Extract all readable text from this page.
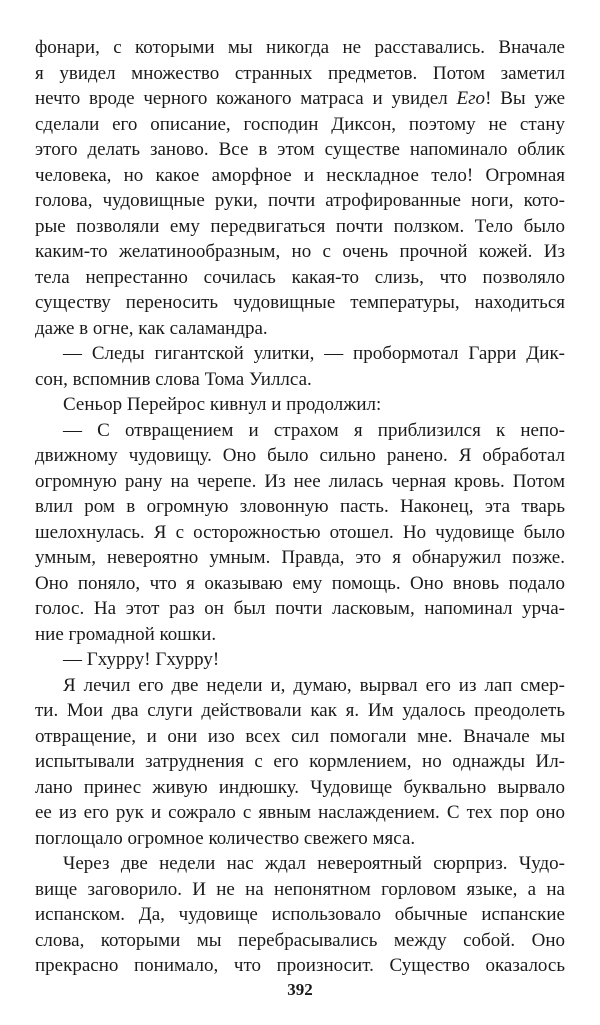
фонари, с которыми мы никогда не расставались. Вначале
я увидел множество странных предметов. Потом заметил
нечто вроде черного кожаного матраса и увидел Его! Вы уже
сделали его описание, господин Диксон, поэтому не стану
этого делать заново. Все в этом существе напоминало облик
человека, но какое аморфное и нескладное тело! Огромная
голова, чудовищные руки, почти атрофированные ноги, кото-
рые позволяли ему передвигаться почти ползком. Тело было
каким-то желатинообразным, но с очень прочной кожей. Из
тела непрестанно сочилась какая-то слизь, что позволяло
существу переносить чудовищные температуры, находиться
даже в огне, как саламандра.
— Следы гигантской улитки, — пробормотал Гарри Дик-
сон, вспомнив слова Тома Уиллса.
Сеньор Перейрос кивнул и продолжил:
— С отвращением и страхом я приблизился к непо-
движному чудовищу. Оно было сильно ранено. Я обработал
огромную рану на черепе. Из нее лилась черная кровь. Потом
влил ром в огромную зловонную пасть. Наконец, эта тварь
шелохнулась. Я с осторожностью отошел. Но чудовище было
умным, невероятно умным. Правда, это я обнаружил позже.
Оно поняло, что я оказываю ему помощь. Оно вновь подало
голос. На этот раз он был почти ласковым, напоминал урча-
ние громадной кошки.
— Гхурру! Гхурру!
Я лечил его две недели и, думаю, вырвал его из лап смер-
ти. Мои два слуги действовали как я. Им удалось преодолеть
отвращение, и они изо всех сил помогали мне. Вначале мы
испытывали затруднения с его кормлением, но однажды Ил-
лано принес живую индюшку. Чудовище буквально вырвало
ее из его рук и сожрало с явным наслаждением. С тех пор оно
поглощало огромное количество свежего мяса.
Через две недели нас ждал невероятный сюрприз. Чудо-
вище заговорило. И не на непонятном горловом языке, а на
испанском. Да, чудовище использовало обычные испанские
слова, которыми мы перебрасывались между собой. Оно
прекрасно понимало, что произносит. Существо оказалось
392
